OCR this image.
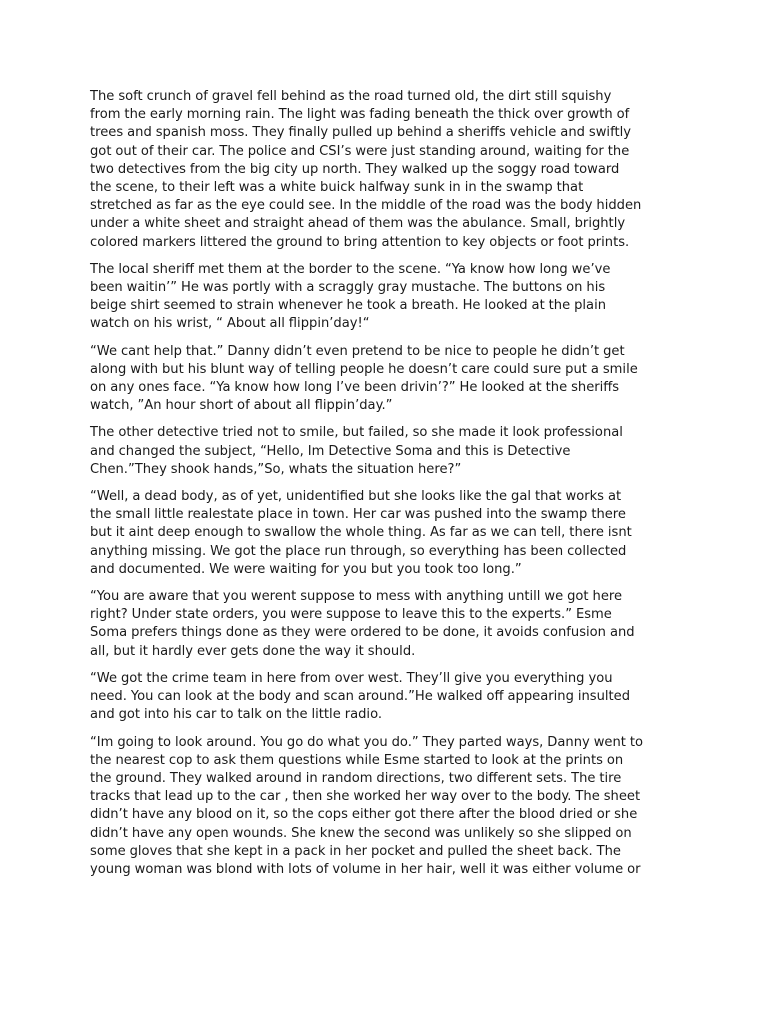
The soft crunch of gravel fell behind as the road turned old, the dirt still squishy
from the early morning rain. The light was fading beneath the thick over growth of
trees and spanish moss. They finally pulled up behind a sheriffs vehicle and swiftly
got out of their car. The police and CSI’s were just standing around, waiting for the
two detectives from the big city up north. They walked up the soggy road toward
the scene, to their left was a white buick halfway sunk in in the swamp that
stretched as far as the eye could see. In the middle of the road was the body hidden
under a white sheet and straight ahead of them was the abulance. Small, brightly
colored markers littered the ground to bring attention to key objects or foot prints.

The local sheriff met them at the border to the scene. “Ya know how long we’ve
been waitin’” He was portly with a scraggly gray mustache. The buttons on his
beige shirt seemed to strain whenever he took a breath. He looked at the plain
watch on his wrist, “ About all flippin’day!“

“We cant help that.” Danny didn’t even pretend to be nice to people he didn’t get
along with but his blunt way of telling people he doesn’t care could sure put a smile
on any ones face. “Ya know how long I’ve been drivin’?” He looked at the sheriffs
watch, ”An hour short of about all flippin’day.”

The other detective tried not to smile, but failed, so she made it look professional
and changed the subject, “Hello, Im Detective Soma and this is Detective
Chen.”They shook hands,”So, whats the situation here?”

“Well, a dead body, as of yet, unidentified but she looks like the gal that works at
the small little realestate place in town. Her car was pushed into the swamp there
but it aint deep enough to swallow the whole thing. As far as we can tell, there isnt
anything missing. We got the place run through, so everything has been collected
and documented. We were waiting for you but you took too long.”

“You are aware that you werent suppose to mess with anything untill we got here
right? Under state orders, you were suppose to leave this to the experts.” Esme
Soma prefers things done as they were ordered to be done, it avoids confusion and
all, but it hardly ever gets done the way it should.

“We got the crime team in here from over west. They’ll give you everything you
need. You can look at the body and scan around.”He walked off appearing insulted
and got into his car to talk on the little radio.

“Im going to look around. You go do what you do.” They parted ways, Danny went to
the nearest cop to ask them questions while Esme started to look at the prints on
the ground. They walked around in random directions, two different sets. The tire
tracks that lead up to the car , then she worked her way over to the body. The sheet
didn’t have any blood on it, so the cops either got there after the blood dried or she
didn’t have any open wounds. She knew the second was unlikely so she slipped on
some gloves that she kept in a pack in her pocket and pulled the sheet back. The
young woman was blond with lots of volume in her hair, well it was either volume or
